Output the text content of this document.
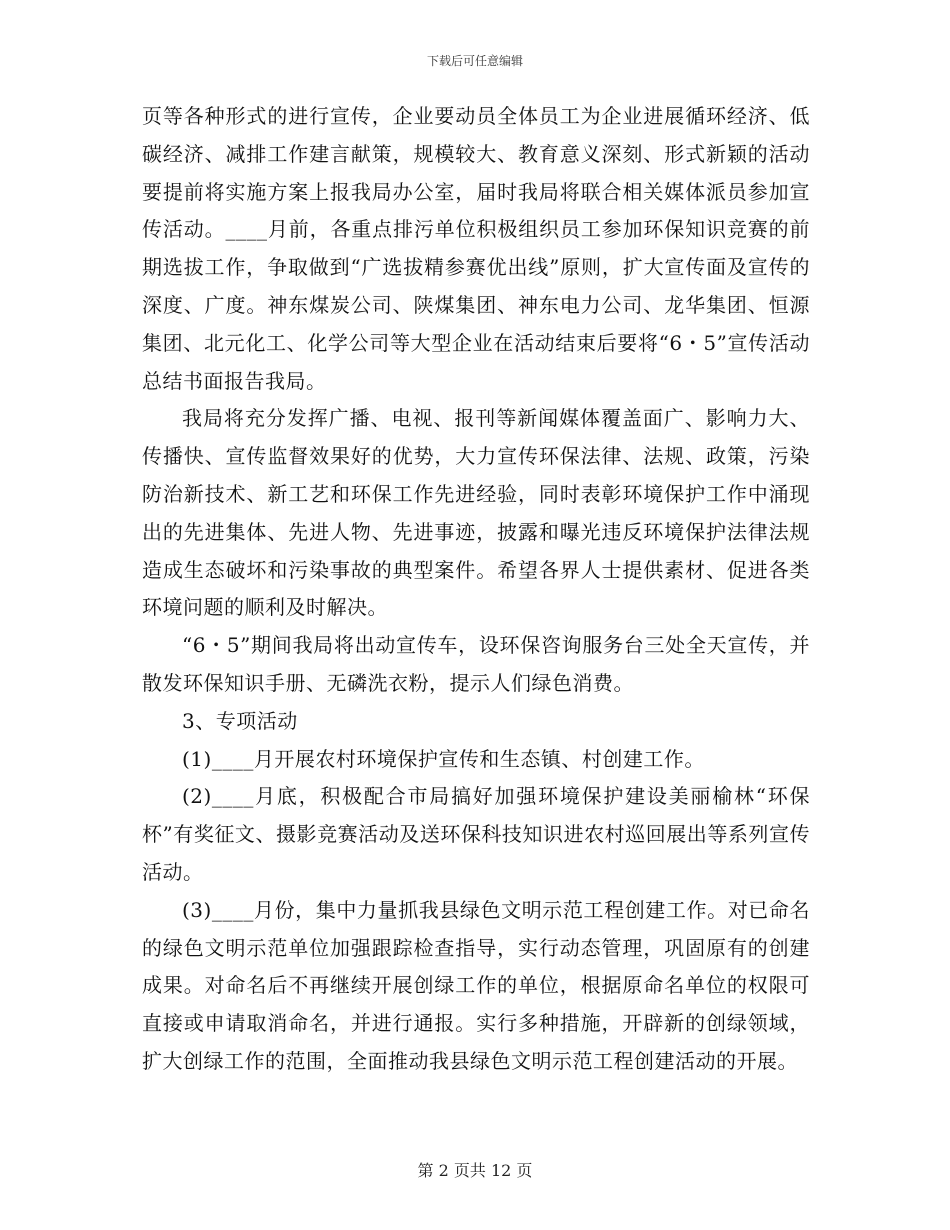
下载后可任意编辑

页等各种形式的进行宣传，企业要动员全体员工为企业进展循环经济、低碳经济、减排工作建言献策，规模较大、教育意义深刻、形式新颖的活动要提前将实施方案上报我局办公室，届时我局将联合相关媒体派员参加宣传活动。____月前，各重点排污单位积极组织员工参加环保知识竞赛的前期选拔工作，争取做到“广选拔精参赛优出线”原则，扩大宣传面及宣传的深度、广度。神东煤炭公司、陕煤集团、神东电力公司、龙华集团、恒源集团、北元化工、化学公司等大型企业在活动结束后要将“6・5”宣传活动总结书面报告我局。

我局将充分发挥广播、电视、报刊等新闻媒体覆盖面广、影响力大、传播快、宣传监督效果好的优势，大力宣传环保法律、法规、政策，污染防治新技术、新工艺和环保工作先进经验，同时表彰环境保护工作中涌现出的先进集体、先进人物、先进事迹，披露和曝光违反环境保护法律法规造成生态破坏和污染事故的典型案件。希望各界人士提供素材、促进各类环境问题的顺利及时解决。

“6・5”期间我局将出动宣传车，设环保咨询服务台三处全天宣传，并散发环保知识手册、无磷洗衣粉，提示人们绿色消费。

3、专项活动

(1)____月开展农村环境保护宣传和生态镇、村创建工作。

(2)____月底，积极配合市局搞好加强环境保护建设美丽榆林“环保杯”有奖征文、摄影竞赛活动及送环保科技知识进农村巡回展出等系列宣传活动。

(3)____月份，集中力量抓我县绿色文明示范工程创建工作。对已命名的绿色文明示范单位加强跟踪检查指导，实行动态管理，巩固原有的创建成果。对命名后不再继续开展创绿工作的单位，根据原命名单位的权限可直接或申请取消命名，并进行通报。实行多种措施，开辟新的创绿领域，扩大创绿工作的范围，全面推动我县绿色文明示范工程创建活动的开展。

第 2 页共 12 页
